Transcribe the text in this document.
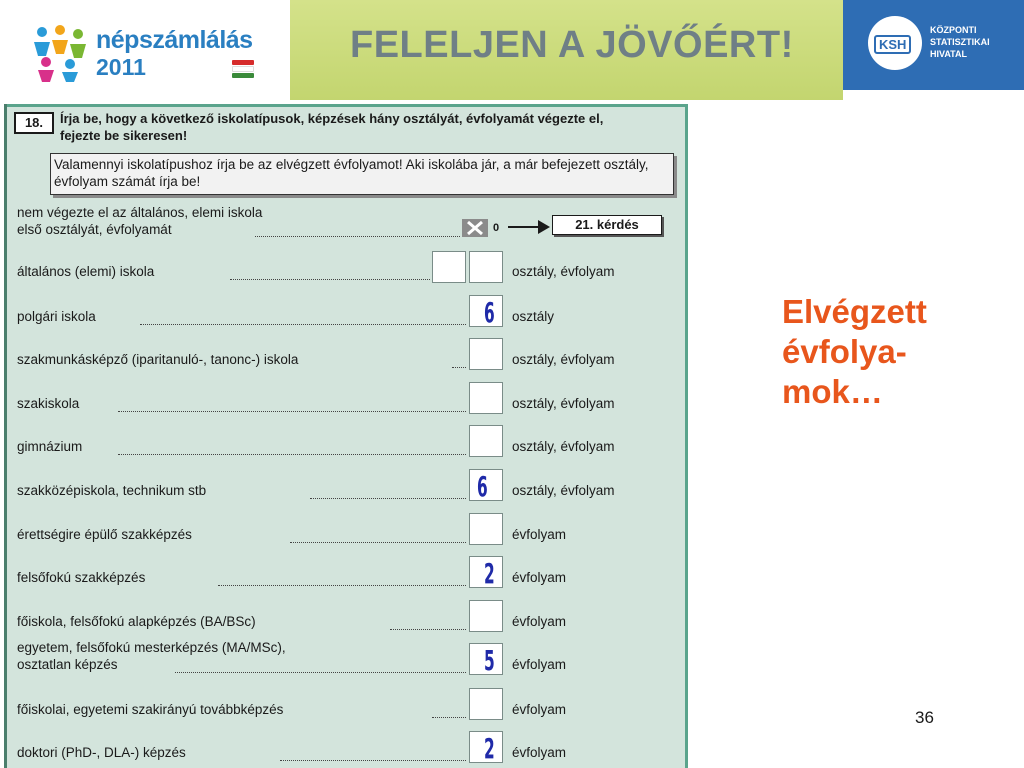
népszámlálás
2011
FELELJEN A JÖVŐÉRT!	KSH
KÖZPONTI
STATISZTIKAI
HIVATAL
18.	Írja be, hogy a következő iskolatípusok, képzések hány osztályát, évfolyamát végezte el, fejezte be sikeresen!
Valamennyi iskolatípushoz írja be az elvégzett évfolyamot! Aki iskolába jár, a már befejezett osztály, évfolyam számát írja be!
nem végezte el az általános, elemi iskola
első osztályát, évfolyamát	0	21. kérdés
általános (elemi) iskola	osztály, évfolyam
polgári iskola	6 osztály
szakmunkásképző (iparitanuló-, tanonc-) iskola	osztály, évfolyam
szakiskola	osztály, évfolyam
gimnázium	osztály, évfolyam
szakközépiskola, technikum stb	6 osztály, évfolyam
érettségire épülő szakképzés	évfolyam
felsőfokú szakképzés	2 évfolyam
főiskola, felsőfokú alapképzés (BA/BSc)	évfolyam
egyetem, felsőfokú mesterképzés (MA/MSc),
osztatlan képzés	5 évfolyam
főiskolai, egyetemi szakirányú továbbképzés	évfolyam
doktori (PhD-, DLA-) képzés	2 évfolyam
Elvégzett
évfolya-
mok…
36
